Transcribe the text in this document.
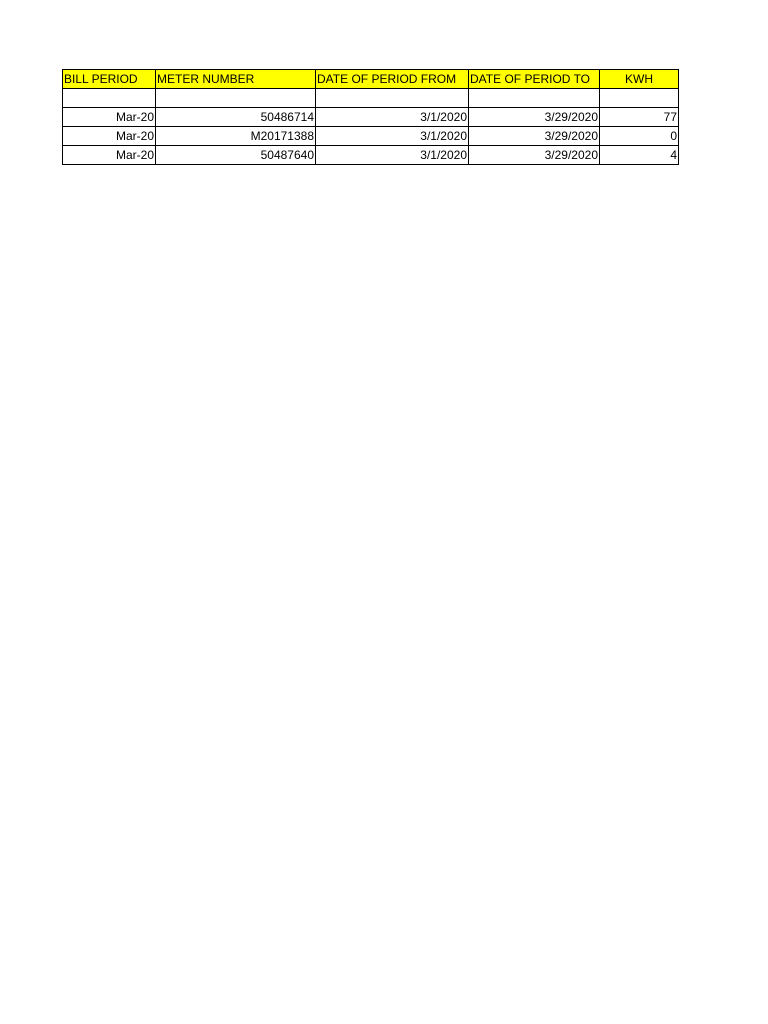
BILL PERIOD	METER NUMBER	DATE OF PERIOD FROM	DATE OF PERIOD TO	KWH

Mar-20	50486714	3/1/2020	3/29/2020	77
Mar-20	M20171388	3/1/2020	3/29/2020	0
Mar-20	50487640	3/1/2020	3/29/2020	4
